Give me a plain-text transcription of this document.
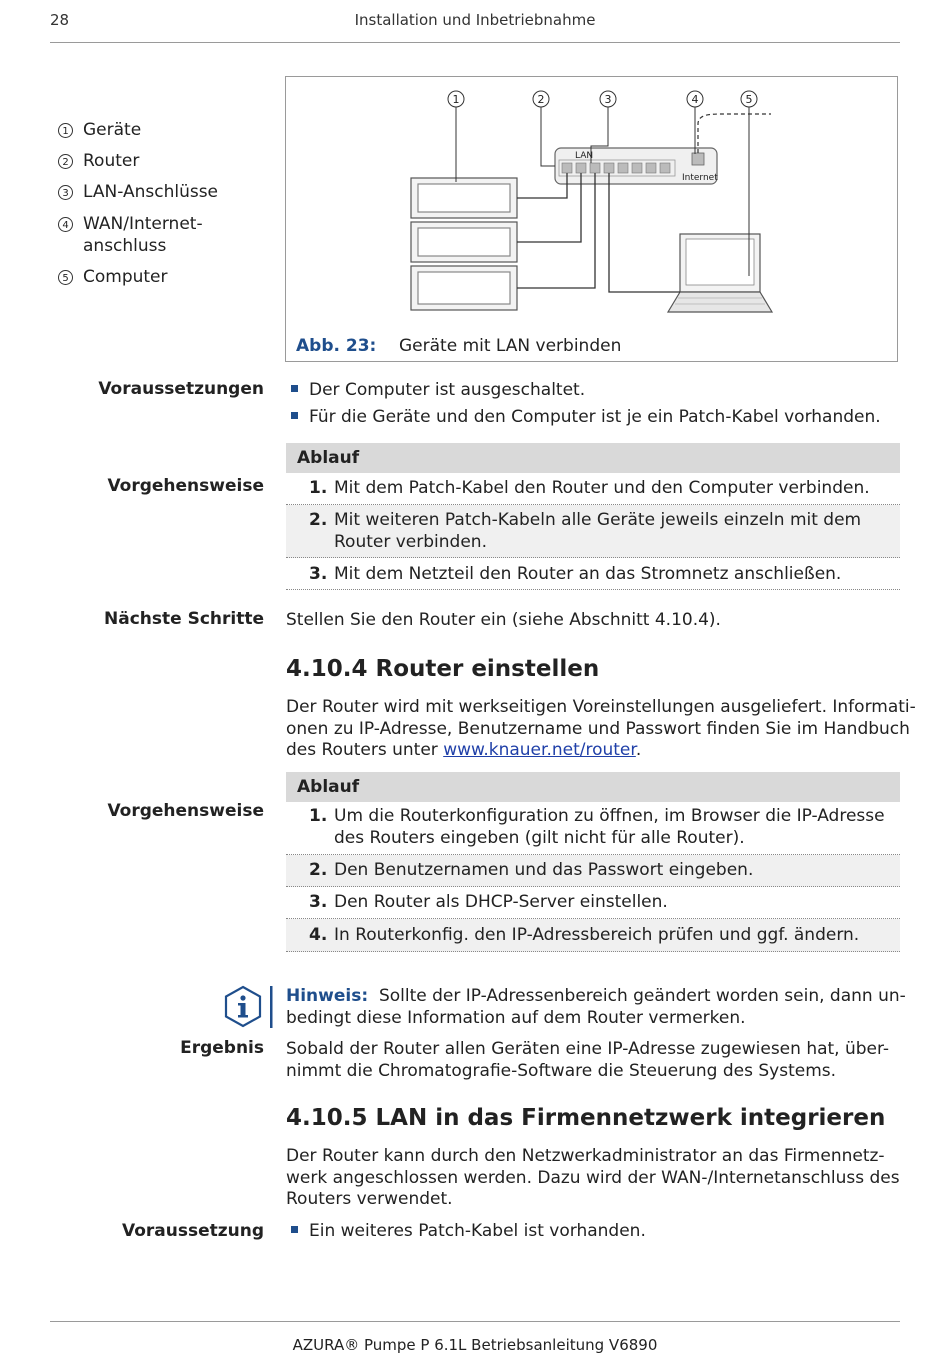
28	Installation und Inbetriebnahme
1 Geräte
2 Router
3 LAN-Anschlüsse
4 WAN/Internet-
anschluss
5 Computer
1	2	3	4	5
LAN
Internet
Abb. 23: Geräte mit LAN verbinden
Voraussetzungen	Der Computer ist ausgeschaltet.
Für die Geräte und den Computer ist je ein Patch-Kabel vorhanden.
Ablauf
Vorgehensweise	1. Mit dem Patch-Kabel den Router und den Computer verbinden.
2. Mit weiteren Patch-Kabeln alle Geräte jeweils einzeln mit dem
Router verbinden.
3. Mit dem Netzteil den Router an das Stromnetz anschließen.
Nächste Schritte Stellen Sie den Router ein (siehe Abschnitt 4.10.4).
4.10.4 Router einstellen
Der Router wird mit werkseitigen Voreinstellungen ausgeliefert. Informati-
onen zu IP-Adresse, Benutzername und Passwort finden Sie im Handbuch
des Routers unter www.knauer.net/router.
Ablauf
Vorgehensweise	1. Um die Routerkonfiguration zu öffnen, im Browser die IP-Adresse
des Routers eingeben (gilt nicht für alle Router).
2. Den Benutzernamen und das Passwort eingeben.
3. Den Router als DHCP-Server einstellen.
4. In Routerkonfig. den IP-Adressbereich prüfen und ggf. ändern.
Hinweis: Sollte der IP-Adressenbereich geändert worden sein, dann un-
bedingt diese Information auf dem Router vermerken.
Ergebnis Sobald der Router allen Geräten eine IP-Adresse zugewiesen hat, über-
nimmt die Chromatografie-Software die Steuerung des Systems.
4.10.5 LAN in das Firmennetzwerk integrieren
Der Router kann durch den Netzwerkadministrator an das Firmennetz-
werk angeschlossen werden. Dazu wird der WAN-/Internetanschluss des
Routers verwendet.
Voraussetzung	Ein weiteres Patch-Kabel ist vorhanden.
AZURA® Pumpe P 6.1L Betriebsanleitung V6890
